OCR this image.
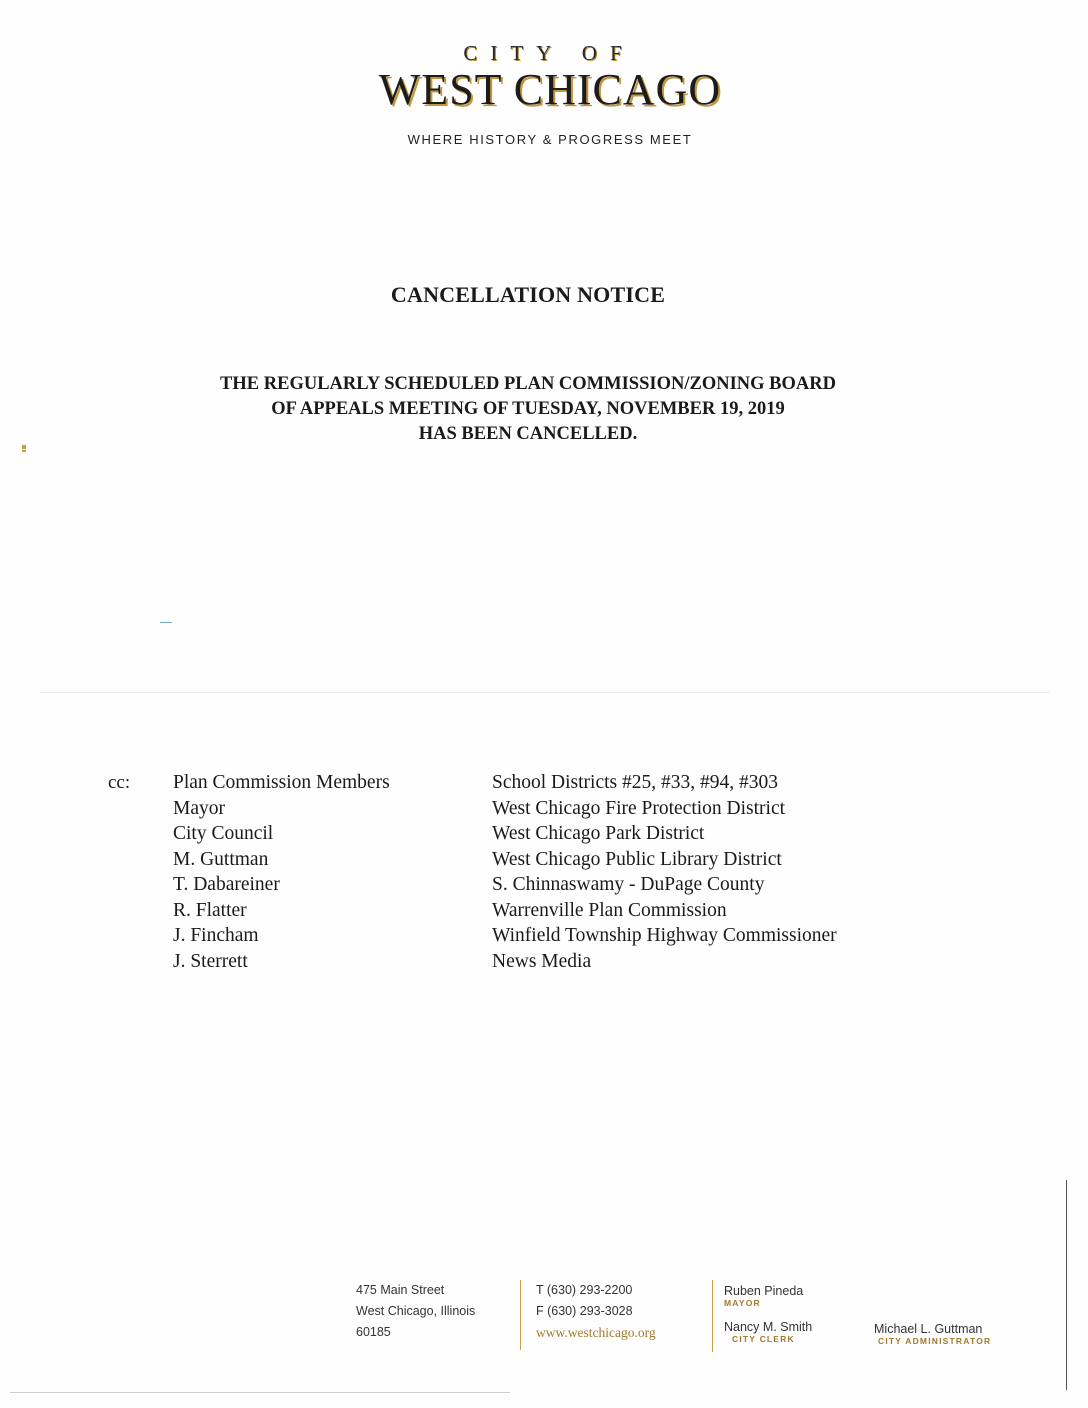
CITY OF
WEST CHICAGO
WHERE HISTORY & PROGRESS MEET
CANCELLATION NOTICE
THE REGULARLY SCHEDULED PLAN COMMISSION/ZONING BOARD
OF APPEALS MEETING OF TUESDAY, NOVEMBER 19, 2019
HAS BEEN CANCELLED.
cc: Plan Commission Members
Mayor
City Council
M. Guttman
T. Dabareiner
R. Flatter
J. Fincham
J. Sterrett
School Districts #25, #33, #94, #303
West Chicago Fire Protection District
West Chicago Park District
West Chicago Public Library District
S. Chinnaswamy - DuPage County
Warrenville Plan Commission
Winfield Township Highway Commissioner
News Media
475 Main Street
West Chicago, Illinois
60185
T (630) 293-2200
F (630) 293-3028
www.westchicago.org
Ruben Pineda
MAYOR
Nancy M. Smith
CITY CLERK
Michael L. Guttman
CITY ADMINISTRATOR
